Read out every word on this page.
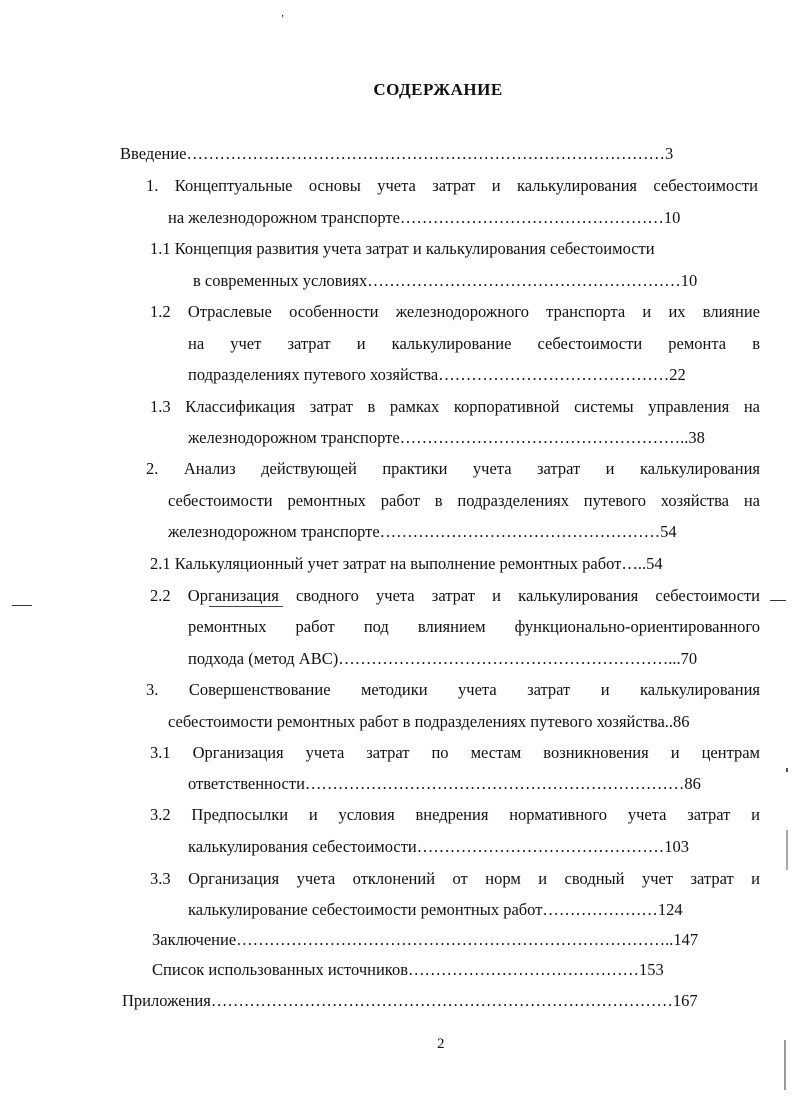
‛
СОДЕРЖАНИЕ
Введение……………………………………………………………………………3
1. Концептуальные основы учета затрат и калькулирования себестоимости
на железнодорожном транспорте…………………………………………10
1.1 Концепция развития учета затрат и калькулирования себестоимости
в современных условиях…………………………………………………10
1.2 Отраслевые особенности железнодорожного транспорта и их влияние
на учет затрат и калькулирование себестоимости ремонта в
подразделениях путевого хозяйства……………………………………22
1.3 Классификация затрат в рамках корпоративной системы управления на
железнодорожном транспорте……………………………………………..38
2. Анализ действующей практики учета затрат и калькулирования
себестоимости ремонтных работ в подразделениях путевого хозяйства на
железнодорожном транспорте……………………………………………54
2.1 Калькуляционный учет затрат на выполнение ремонтных работ…..54
2.2 Организация сводного учета затрат и калькулирования себестоимости
ремонтных работ под влиянием функционально-ориентированного
подхода (метод АВС)……………………………………………………...70
3. Совершенствование методики учета затрат и калькулирования
себестоимости ремонтных работ в подразделениях путевого хозяйства..86
3.1 Организация учета затрат по местам возникновения и центрам
ответственности……………………………………………………………86
3.2 Предпосылки и условия внедрения нормативного учета затрат и
калькулирования себестоимости………………………………………103
3.3 Организация учета отклонений от норм и сводный учет затрат и
калькулирование себестоимости ремонтных работ…………………124
Заключение……………………………………………………………………..147
Список использованных источников……………………………………153
Приложения…………………………………………………………………………167
2
